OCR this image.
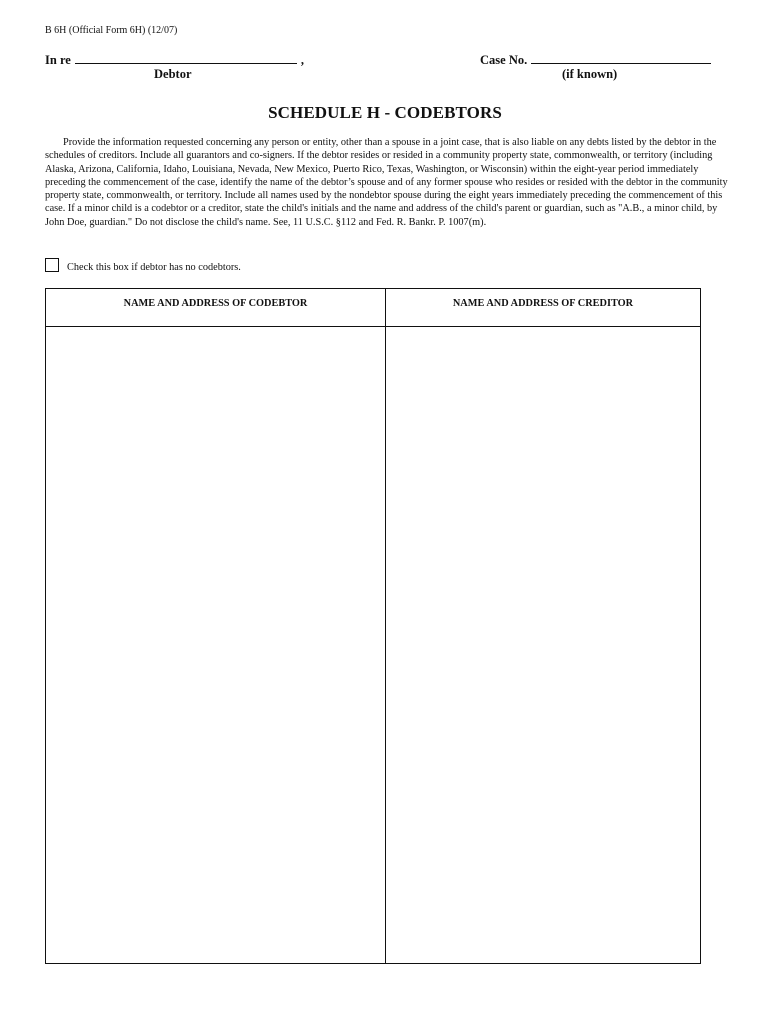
B 6H (Official Form 6H) (12/07)
In re	,
Debtor
Case No.
(if known)
SCHEDULE H - CODEBTORS
Provide the information requested concerning any person or entity, other than a spouse in a joint case, that is also liable on any debts listed by the debtor in the schedules of creditors. Include all guarantors and co-signers. If the debtor resides or resided in a community property state, commonwealth, or territory (including Alaska, Arizona, California, Idaho, Louisiana, Nevada, New Mexico, Puerto Rico, Texas, Washington, or Wisconsin) within the eight-year period immediately preceding the commencement of the case, identify the name of the debtor’s spouse and of any former spouse who resides or resided with the debtor in the community property state, commonwealth, or territory. Include all names used by the nondebtor spouse during the eight years immediately preceding the commencement of this case. If a minor child is a codebtor or a creditor, state the child's initials and the name and address of the child's parent or guardian, such as "A.B., a minor child, by John Doe, guardian." Do not disclose the child's name. See, 11 U.S.C. §112 and Fed. R. Bankr. P. 1007(m).
Check this box if debtor has no codebtors.
NAME AND ADDRESS OF CODEBTOR	NAME AND ADDRESS OF CREDITOR
